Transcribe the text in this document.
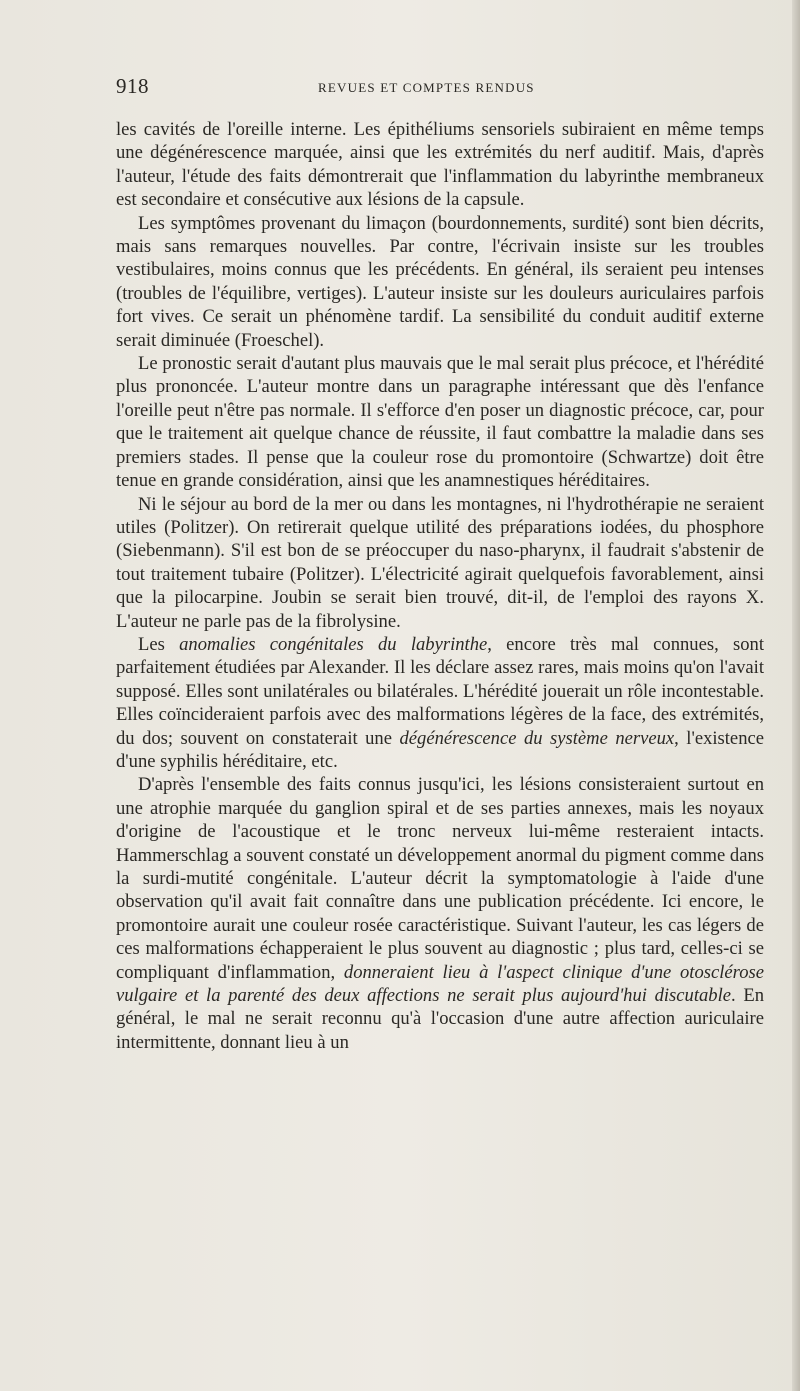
918	REVUES ET COMPTES RENDUS

les cavités de l'oreille interne. Les épithéliums sensoriels subiraient en même temps une dégénérescence marquée, ainsi que les extrémités du nerf auditif. Mais, d'après l'auteur, l'étude des faits démontrerait que l'inflammation du labyrinthe membraneux est secondaire et consécutive aux lésions de la capsule.

Les symptômes provenant du limaçon (bourdonnements, surdité) sont bien décrits, mais sans remarques nouvelles. Par contre, l'écrivain insiste sur les troubles vestibulaires, moins connus que les précédents. En général, ils seraient peu intenses (troubles de l'équilibre, vertiges). L'auteur insiste sur les douleurs auriculaires parfois fort vives. Ce serait un phénomène tardif. La sensibilité du conduit auditif externe serait diminuée (Froeschel).

Le pronostic serait d'autant plus mauvais que le mal serait plus précoce, et l'hérédité plus prononcée. L'auteur montre dans un paragraphe intéressant que dès l'enfance l'oreille peut n'être pas normale. Il s'efforce d'en poser un diagnostic précoce, car, pour que le traitement ait quelque chance de réussite, il faut combattre la maladie dans ses premiers stades. Il pense que la couleur rose du promontoire (Schwartze) doit être tenue en grande considération, ainsi que les anamnestiques héréditaires.

Ni le séjour au bord de la mer ou dans les montagnes, ni l'hydrothérapie ne seraient utiles (Politzer). On retirerait quelque utilité des préparations iodées, du phosphore (Siebenmann). S'il est bon de se préoccuper du naso-pharynx, il faudrait s'abstenir de tout traitement tubaire (Politzer). L'électricité agirait quelquefois favorablement, ainsi que la pilocarpine. Joubin se serait bien trouvé, dit-il, de l'emploi des rayons X. L'auteur ne parle pas de la fibrolysine.

Les anomalies congénitales du labyrinthe, encore très mal connues, sont parfaitement étudiées par Alexander. Il les déclare assez rares, mais moins qu'on l'avait supposé. Elles sont unilatérales ou bilatérales. L'hérédité jouerait un rôle incontestable. Elles coïncideraient parfois avec des malformations légères de la face, des extrémités, du dos; souvent on constaterait une dégénérescence du système nerveux, l'existence d'une syphilis héréditaire, etc.

D'après l'ensemble des faits connus jusqu'ici, les lésions consisteraient surtout en une atrophie marquée du ganglion spiral et de ses parties annexes, mais les noyaux d'origine de l'acoustique et le tronc nerveux lui-même resteraient intacts. Hammerschlag a souvent constaté un développement anormal du pigment comme dans la surdi-mutité congénitale. L'auteur décrit la symptomatologie à l'aide d'une observation qu'il avait fait connaître dans une publication précédente. Ici encore, le promontoire aurait une couleur rosée caractéristique. Suivant l'auteur, les cas légers de ces malformations échapperaient le plus souvent au diagnostic ; plus tard, celles-ci se compliquant d'inflammation, donneraient lieu à l'aspect clinique d'une otosclérose vulgaire et la parenté des deux affections ne serait plus aujourd'hui discutable. En général, le mal ne serait reconnu qu'à l'occasion d'une autre affection auriculaire intermittente, donnant lieu à un
